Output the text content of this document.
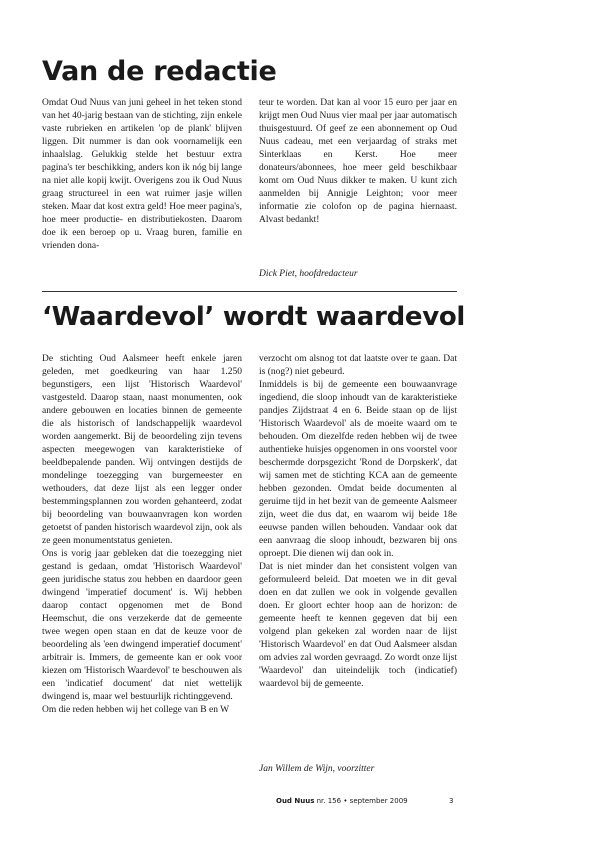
Van de redactie

Omdat Oud Nuus van juni geheel in het teken stond van het 40-jarig bestaan van de stichting, zijn enkele vaste rubrieken en artikelen 'op de plank' blijven liggen. Dit nummer is dan ook voornamelijk een inhaalslag. Gelukkig stelde het bestuur extra pagina's ter beschikking, anders kon ik nóg bij lange na niet alle kopij kwijt. Overigens zou ik Oud Nuus graag structureel in een wat ruimer jasje willen steken. Maar dat kost extra geld! Hoe meer pagina's, hoe meer productie- en distributiekosten. Daarom doe ik een beroep op u. Vraag buren, familie en vrienden dona-

teur te worden. Dat kan al voor 15 euro per jaar en krijgt men Oud Nuus vier maal per jaar automatisch thuisgestuurd. Of geef ze een abonnement op Oud Nuus cadeau, met een verjaardag of straks met Sinterklaas en Kerst. Hoe meer donateurs/abonnees, hoe meer geld beschikbaar komt om Oud Nuus dikker te maken. U kunt zich aanmelden bij Annigje Leighton; voor meer informatie zie colofon op de pagina hiernaast. Alvast bedankt!

Dick Piet, hoofdredacteur

‘Waardevol’ wordt waardevol

De stichting Oud Aalsmeer heeft enkele jaren geleden, met goedkeuring van haar 1.250 begunstigers, een lijst 'Historisch Waardevol' vastgesteld. Daarop staan, naast monumenten, ook andere gebouwen en locaties binnen de gemeente die als historisch of landschappelijk waardevol worden aangemerkt. Bij de beoordeling zijn tevens aspecten meegewogen van karakteristieke of beeldbepalende panden. Wij ontvingen destijds de mondelinge toezegging van burgemeester en wethouders, dat deze lijst als een legger onder bestemmingsplannen zou worden gehanteerd, zodat bij beoordeling van bouwaanvragen kon worden getoetst of panden historisch waardevol zijn, ook als ze geen monumentstatus genieten.

Ons is vorig jaar gebleken dat die toezegging niet gestand is gedaan, omdat 'Historisch Waardevol' geen juridische status zou hebben en daardoor geen dwingend 'imperatief document' is. Wij hebben daarop contact opgenomen met de Bond Heemschut, die ons verzekerde dat de gemeente twee wegen open staan en dat de keuze voor de beoordeling als 'een dwingend imperatief document' arbitrair is. Immers, de gemeente kan er ook voor kiezen om 'Historisch Waardevol' te beschouwen als een 'indicatief document' dat niet wettelijk dwingend is, maar wel bestuurlijk richtinggevend.

Om die reden hebben wij het college van B en W

verzocht om alsnog tot dat laatste over te gaan. Dat is (nog?) niet gebeurd.

Inmiddels is bij de gemeente een bouwaanvrage ingediend, die sloop inhoudt van de karakteristieke pandjes Zijdstraat 4 en 6. Beide staan op de lijst 'Historisch Waardevol' als de moeite waard om te behouden. Om diezelfde reden hebben wij de twee authentieke huisjes opgenomen in ons voorstel voor beschermde dorpsgezicht 'Rond de Dorpskerk', dat wij samen met de stichting KCA aan de gemeente hebben gezonden. Omdat beide documenten al geruime tijd in het bezit van de gemeente Aalsmeer zijn, weet die dus dat, en waarom wij beide 18e eeuwse panden willen behouden. Vandaar ook dat een aanvraag die sloop inhoudt, bezwaren bij ons oproept. Die dienen wij dan ook in.

Dat is niet minder dan het consistent volgen van geformuleerd beleid. Dat moeten we in dit geval doen en dat zullen we ook in volgende gevallen doen. Er gloort echter hoop aan de horizon: de gemeente heeft te kennen gegeven dat bij een volgend plan gekeken zal worden naar de lijst 'Historisch Waardevol' en dat Oud Aalsmeer alsdan om advies zal worden gevraagd. Zo wordt onze lijst 'Waardevol' dan uiteindelijk toch (indicatief) waardevol bij de gemeente.

Jan Willem de Wijn, voorzitter

Oud Nuus nr. 156 • september 2009	3
